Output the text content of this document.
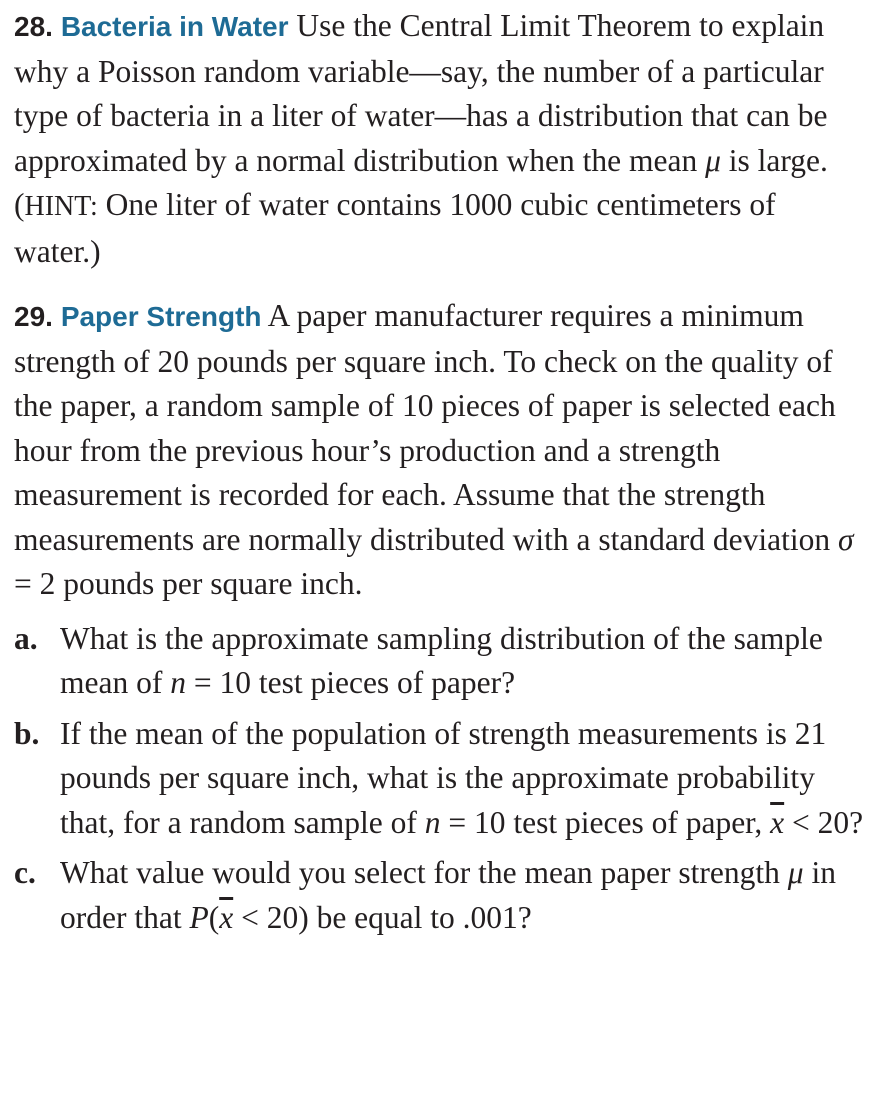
28. Bacteria in Water Use the Central Limit Theorem to explain why a Poisson random variable—say, the number of a particular type of bacteria in a liter of water—has a distribution that can be approximated by a normal distribution when the mean μ is large. (HINT: One liter of water contains 1000 cubic centimeters of water.)

29. Paper Strength A paper manufacturer requires a minimum strength of 20 pounds per square inch. To check on the quality of the paper, a random sample of 10 pieces of paper is selected each hour from the previous hour’s production and a strength measurement is recorded for each. Assume that the strength measurements are normally distributed with a standard deviation σ = 2 pounds per square inch.

a. What is the approximate sampling distribution of the sample mean of n = 10 test pieces of paper?
b. If the mean of the population of strength measurements is 21 pounds per square inch, what is the approximate probability that, for a random sample of n = 10 test pieces of paper, $\overline{x} < 20$?
c. What value would you select for the mean paper strength μ in order that $P(\overline{x} < 20)$ be equal to .001?
